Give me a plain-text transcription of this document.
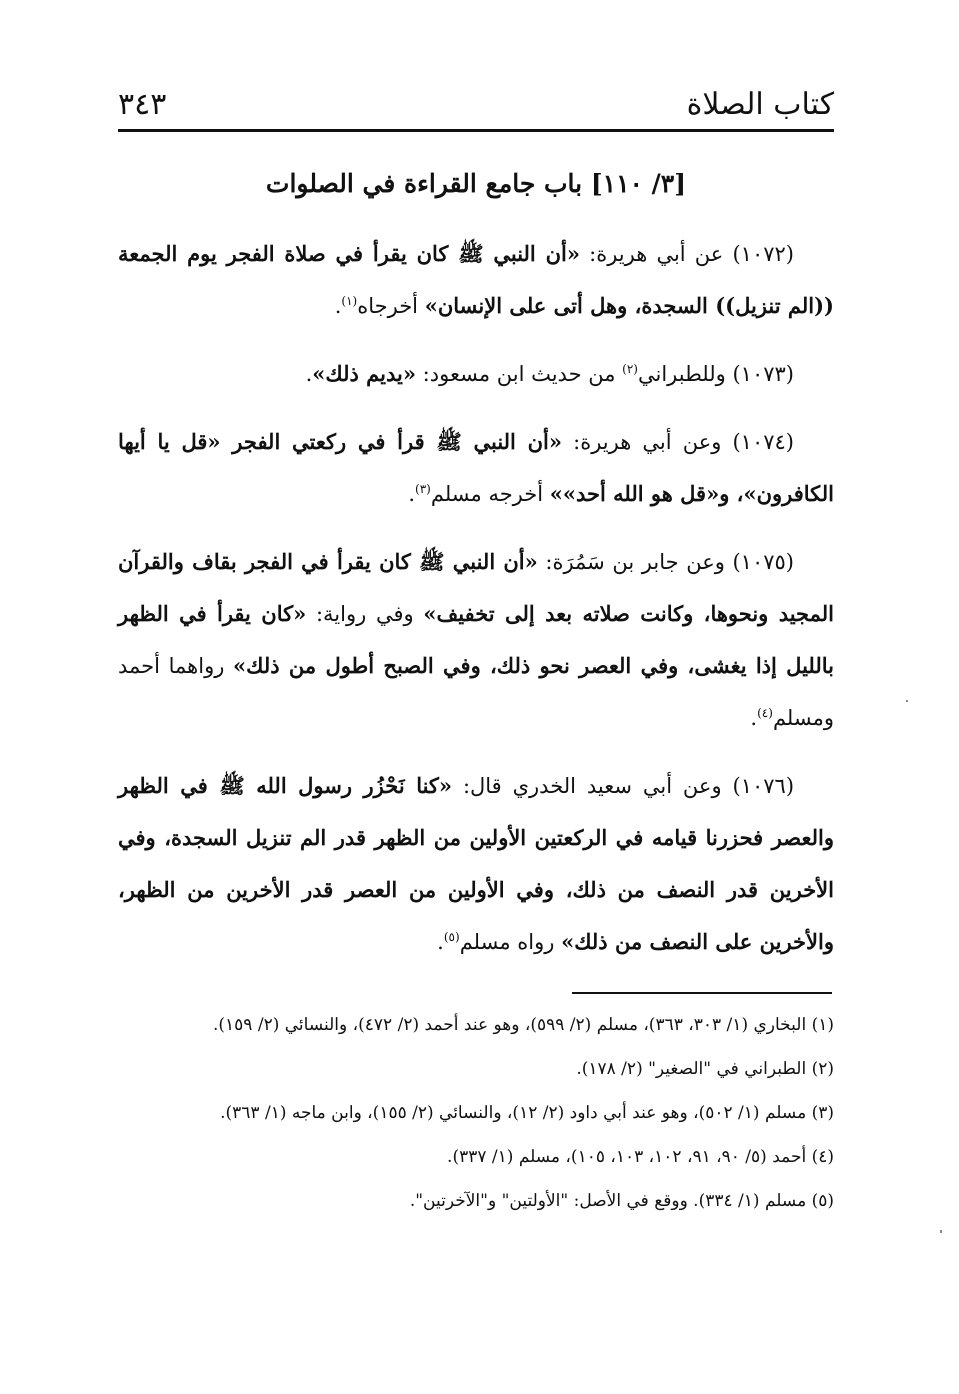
كتاب الصلاة
٣٤٣
[٣/ ١١٠] باب جامع القراءة في الصلوات

(١٠٧٢) عن أبي هريرة: «أن النبي ﷺ كان يقرأ في صلاة الفجر يوم الجمعة ((الم تنزيل)) السجدة، وهل أتى على الإنسان» أخرجاه$^{(١)}$.

(١٠٧٣) وللطبراني$^{(٢)}$ من حديث ابن مسعود: «يديم ذلك».

(١٠٧٤) وعن أبي هريرة: «أن النبي ﷺ قرأ في ركعتي الفجر «قل يا أيها الكافرون»، و«قل هو الله أحد»» أخرجه مسلم$^{(٣)}$.

(١٠٧٥) وعن جابر بن سَمُرَة: «أن النبي ﷺ كان يقرأ في الفجر بقاف والقرآن المجيد ونحوها، وكانت صلاته بعد إلى تخفيف» وفي رواية: «كان يقرأ في الظهر بالليل إذا يغشى، وفي العصر نحو ذلك، وفي الصبح أطول من ذلك» رواهما أحمد ومسلم$^{(٤)}$.

(١٠٧٦) وعن أبي سعيد الخدري قال: «كنا نَحْزُر رسول الله ﷺ في الظهر والعصر فحزرنا قيامه في الركعتين الأولين من الظهر قدر الم تنزيل السجدة، وفي الأخرين قدر النصف من ذلك، وفي الأولين من العصر قدر الأخرين من الظهر، والأخرين على النصف من ذلك» رواه مسلم$^{(٥)}$.

(١) البخاري (١/ ٣٠٣، ٣٦٣)، مسلم (٢/ ٥٩٩)، وهو عند أحمد (٢/ ٤٧٢)، والنسائي (٢/ ١٥٩).

(٢) الطبراني في "الصغير" (٢/ ١٧٨).

(٣) مسلم (١/ ٥٠٢)، وهو عند أبي داود (٢/ ١٢)، والنسائي (٢/ ١٥٥)، وابن ماجه (١/ ٣٦٣).

(٤) أحمد (٥/ ٩٠، ٩١، ١٠٢، ١٠٣، ١٠٥)، مسلم (١/ ٣٣٧).

(٥) مسلم (١/ ٣٣٤). ووقع في الأصل: "الأولتين" و"الآخرتين".
